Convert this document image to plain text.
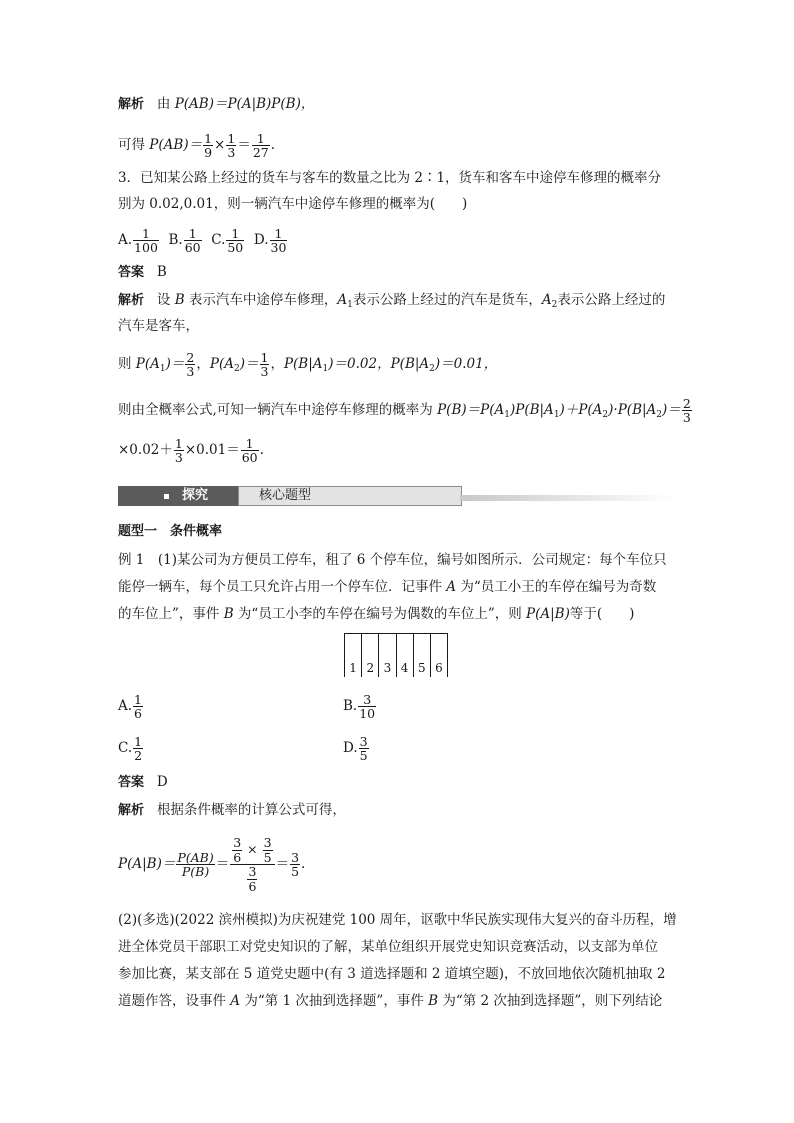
解析 由 P(AB)＝P(A|B)P(B)，
可得 $P(AB)= \frac{1}{9} \times \frac{1}{3} = \frac{1}{27}$ .
3．已知某公路上经过的货车与客车的数量之比为 2∶1，货车和客车中途停车修理的概率分
别为 0.02,0.01，则一辆汽车中途停车修理的概率为(　　)
A. $\frac{1}{100} B$. $\frac{1}{60} C$. $\frac{1}{50} D$. $\frac{1}{30}$
答案 B
解析 设 B 表示汽车中途停车修理，$A_1$表示公路上经过的汽车是货车，$A_2$表示公路上经过的
汽车是客车，
则 $P(A_1)= \frac{2}{3}$ ，$P(A_2)= \frac{1}{3}$ ，$P(B|A_1)=0.02$，$P(B|A_2)=0.01$，
则由全概率公式,可知一辆汽车中途停车修理的概率为 $P(B)=P(A_1)P(B|A_1)+P(A_2)\cdot P(B|A_2)= \frac{2}{3}$
$\times 0.02+ \frac{1}{3} \times 0.01= \frac{1}{60}$ .
探究	核心题型
题型一　条件概率
例 1　(1)某公司为方便员工停车，租了 6 个停车位，编号如图所示．公司规定：每个车位只
能停一辆车，每个员工只允许占用一个停车位．记事件 A 为“员工小王的车停在编号为奇数
的车位上”，事件 B 为“员工小李的车停在编号为偶数的车位上”，则 P(A|B)等于(　　)
1 2 3 4 5 6
A. $\frac{1}{6}$	B. $\frac{3}{10}$
C. $\frac{1}{2}$	D. $\frac{3}{5}$
答案 D
解析 根据条件概率的计算公式可得，
$P(A|B)= \frac{P(AB)}{P(B)} = \frac{\frac{3}{6} \times \frac{3}{5}}{\frac{3}{6}} = \frac{3}{5}$ .
(2)(多选)(2022 滨州模拟)为庆祝建党 100 周年，讴歌中华民族实现伟大复兴的奋斗历程，增
进全体党员干部职工对党史知识的了解，某单位组织开展党史知识竞赛活动，以支部为单位
参加比赛，某支部在 5 道党史题中(有 3 道选择题和 2 道填空题)，不放回地依次随机抽取 2
道题作答，设事件 A 为“第 1 次抽到选择题”，事件 B 为“第 2 次抽到选择题”，则下列结论
